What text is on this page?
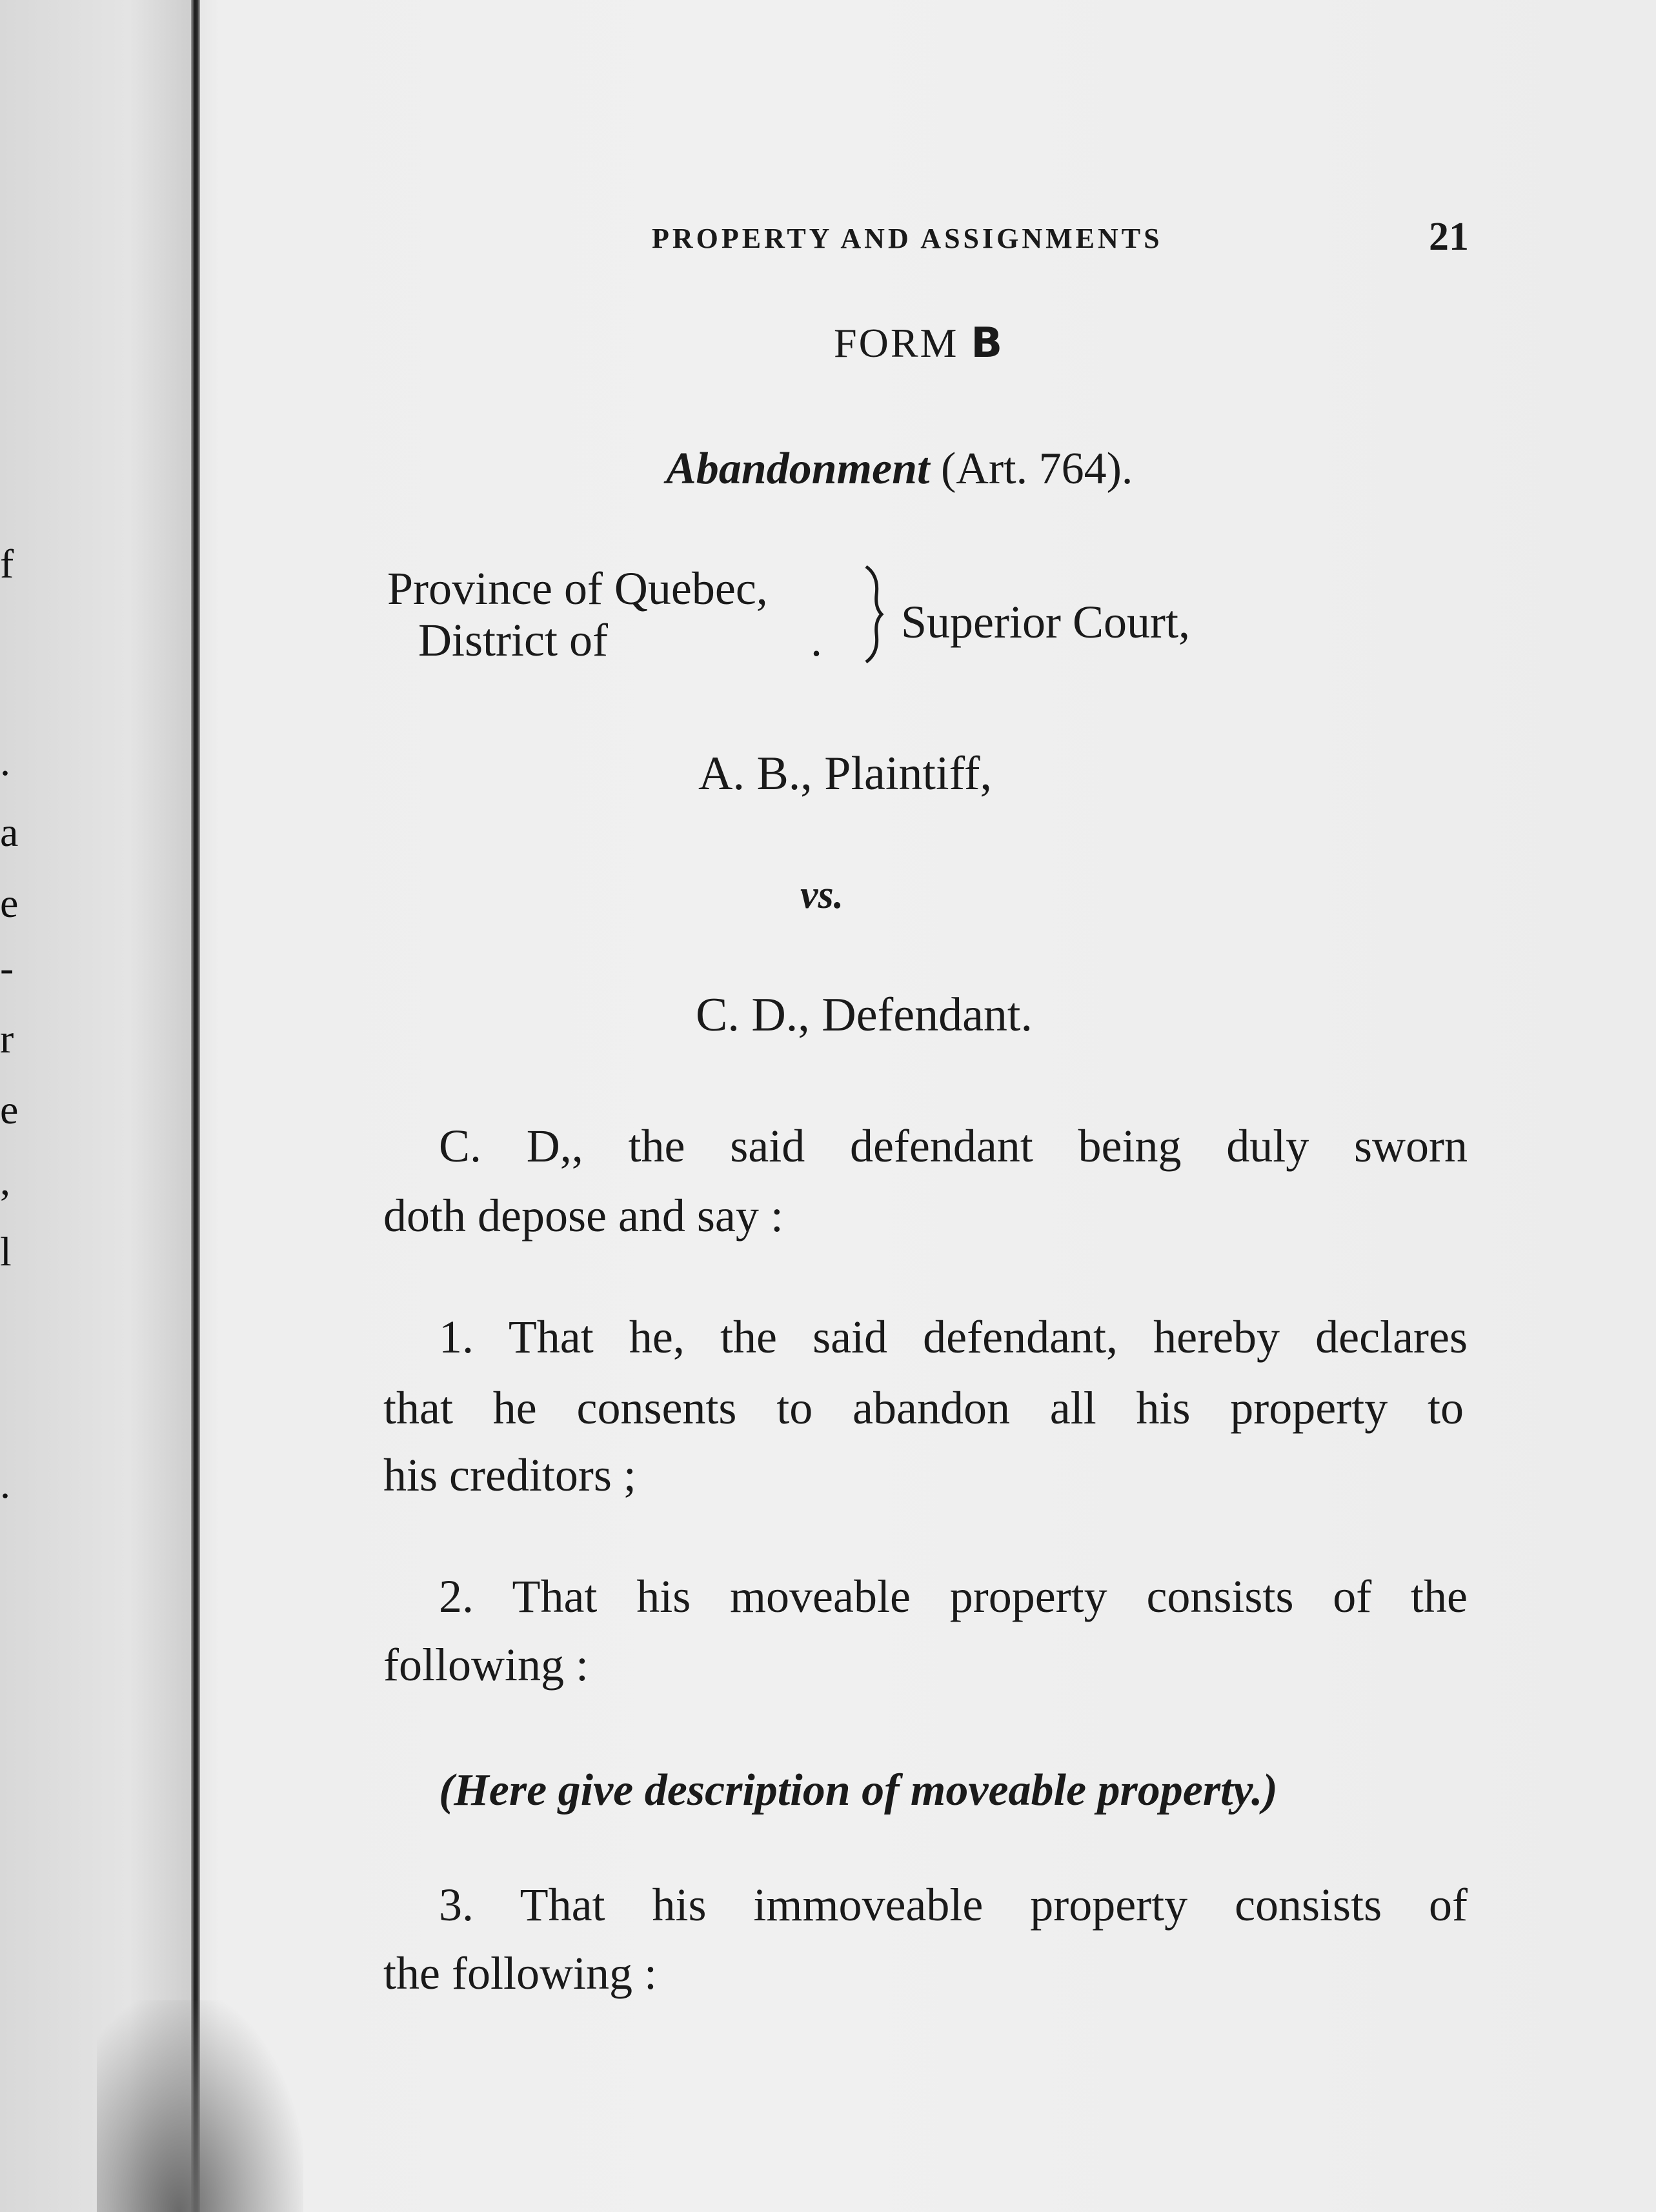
f
.
a
e
-
r
e
,
l
.
PROPERTY AND ASSIGNMENTS	21
FORM B
Abandonment (Art. 764).
Province of Quebec,
District of	. Superior Court,
A. B., Plaintiff,
vs.
C. D., Defendant.
C. D,, the said defendant being duly sworn
doth depose and say :
1. That he, the said defendant, hereby declares
that he consents to abandon all his property to
his creditors ;
2. That his moveable property consists of the
following :
(Here give description of moveable property.)
3. That his immoveable property consists of
the following :
